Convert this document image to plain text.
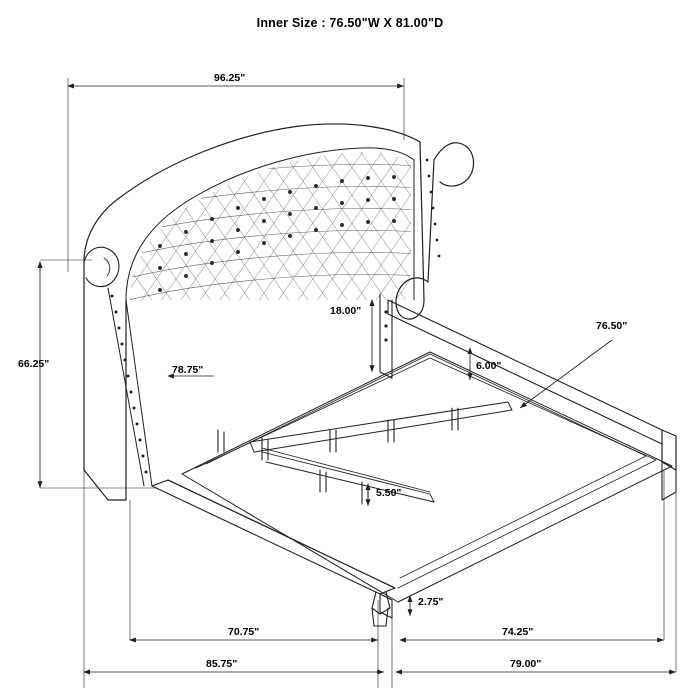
Inner Size : 76.50"W X 81.00"D
96.25"
66.25"	78.75"
18.00"
6.00"
76.50"
5.50"
2.75"
70.75"	74.25"
85.75"	79.00"
